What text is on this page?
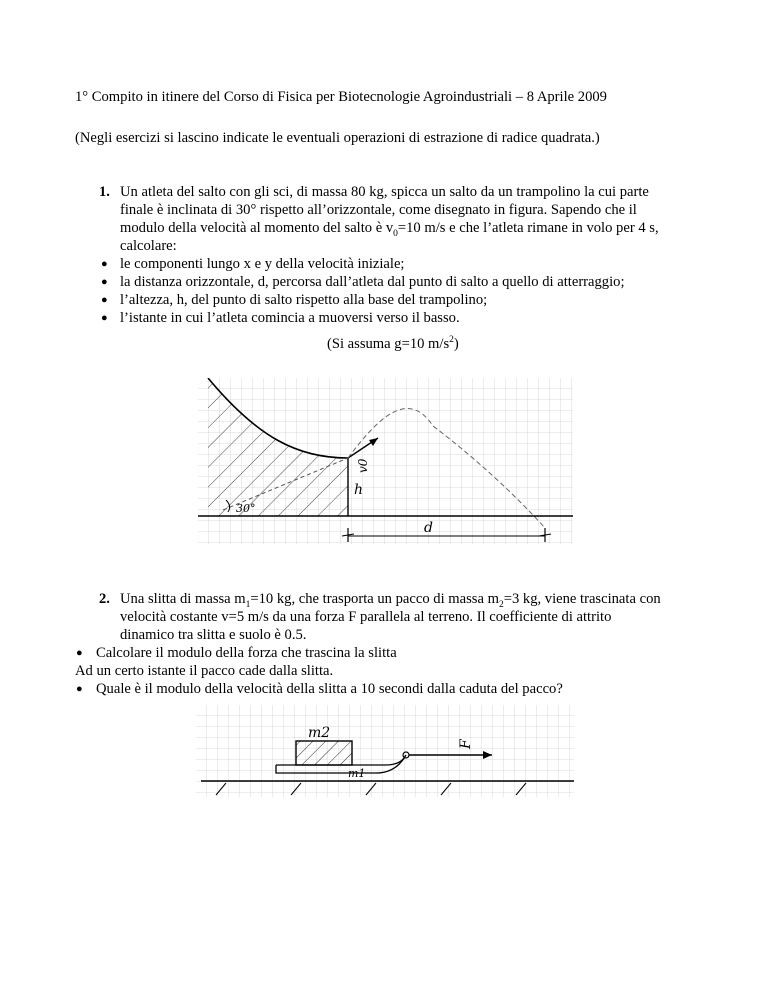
1° Compito in itinere del Corso di Fisica per Biotecnologie Agroindustriali – 8 Aprile 2009
(Negli esercizi si lascino indicate le eventuali operazioni di estrazione di radice quadrata.)
1. Un atleta del salto con gli sci, di massa 80 kg, spicca un salto da un trampolino la cui parte
finale è inclinata di 30° rispetto all’orizzontale, come disegnato in figura. Sapendo che il
modulo della velocità al momento del salto è $v_0=10$ m/s e che l’atleta rimane in volo per 4 s,
calcolare:
● le componenti lungo x e y della velocità iniziale;
● la distanza orizzontale, d, percorsa dall’atleta dal punto di salto a quello di atterraggio;
● l’altezza, h, del punto di salto rispetto alla base del trampolino;
● l’istante in cui l’atleta comincia a muoversi verso il basso.
(Si assuma g=10 $m/s^2$)
v0
h
30°
d
2. Una slitta di massa $m_1=10$ kg, che trasporta un pacco di massa $m_2=3$ kg, viene trascinata con
velocità costante v=5 m/s da una forza F parallela al terreno. Il coefficiente di attrito
dinamico tra slitta e suolo è 0.5.
● Calcolare il modulo della forza che trascina la slitta
Ad un certo istante il pacco cade dalla slitta.
● Quale è il modulo della velocità della slitta a 10 secondi dalla caduta del pacco?
m2
m1
F
